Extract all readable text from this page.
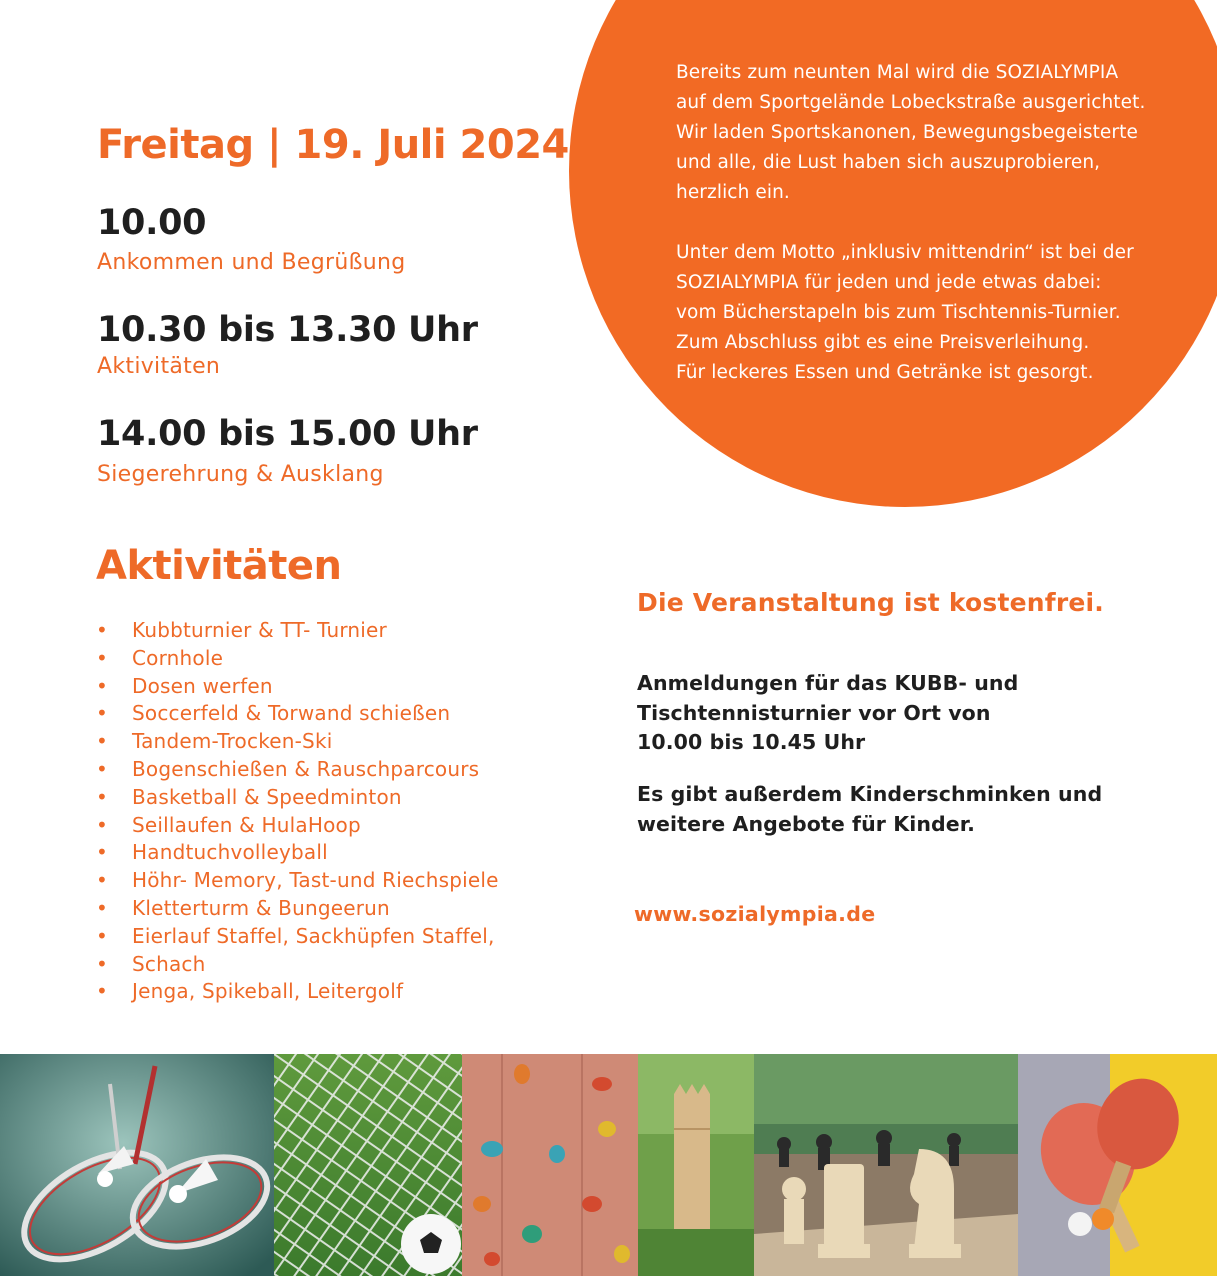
Bereits zum neunten Mal wird die SOZIALYMPIA
auf dem Sportgelände Lobeckstraße ausgerichtet.
Wir laden Sportskanonen, Bewegungsbegeisterte
und alle, die Lust haben sich auszuprobieren,
herzlich ein.

Unter dem Motto „inklusiv mittendrin“ ist bei der
SOZIALYMPIA für jeden und jede etwas dabei:
vom Bücherstapeln bis zum Tischtennis-Turnier.
Zum Abschluss gibt es eine Preisverleihung.
Für leckeres Essen und Getränke ist gesorgt.

Freitag | 19. Juli 2024
10.00
Ankommen und Begrüßung
10.30 bis 13.30 Uhr
Aktivitäten
14.00 bis 15.00 Uhr
Siegerehrung & Ausklang
Aktivitäten
• Kubbturnier & TT- Turnier
• Cornhole
• Dosen werfen
• Soccerfeld & Torwand schießen
• Tandem-Trocken-Ski
• Bogenschießen & Rauschparcours
• Basketball & Speedminton
• Seillaufen & HulaHoop
• Handtuchvolleyball
• Höhr- Memory, Tast-und Riechspiele
• Kletterturm & Bungeerun
• Eierlauf Staffel, Sackhüpfen Staffel,
• Schach
• Jenga, Spikeball, Leitergolf
Die Veranstaltung ist kostenfrei.
Anmeldungen für das KUBB- und
Tischtennisturnier vor Ort von
10.00 bis 10.45 Uhr
Es gibt außerdem Kinderschminken und
weitere Angebote für Kinder.
www.sozialympia.de
